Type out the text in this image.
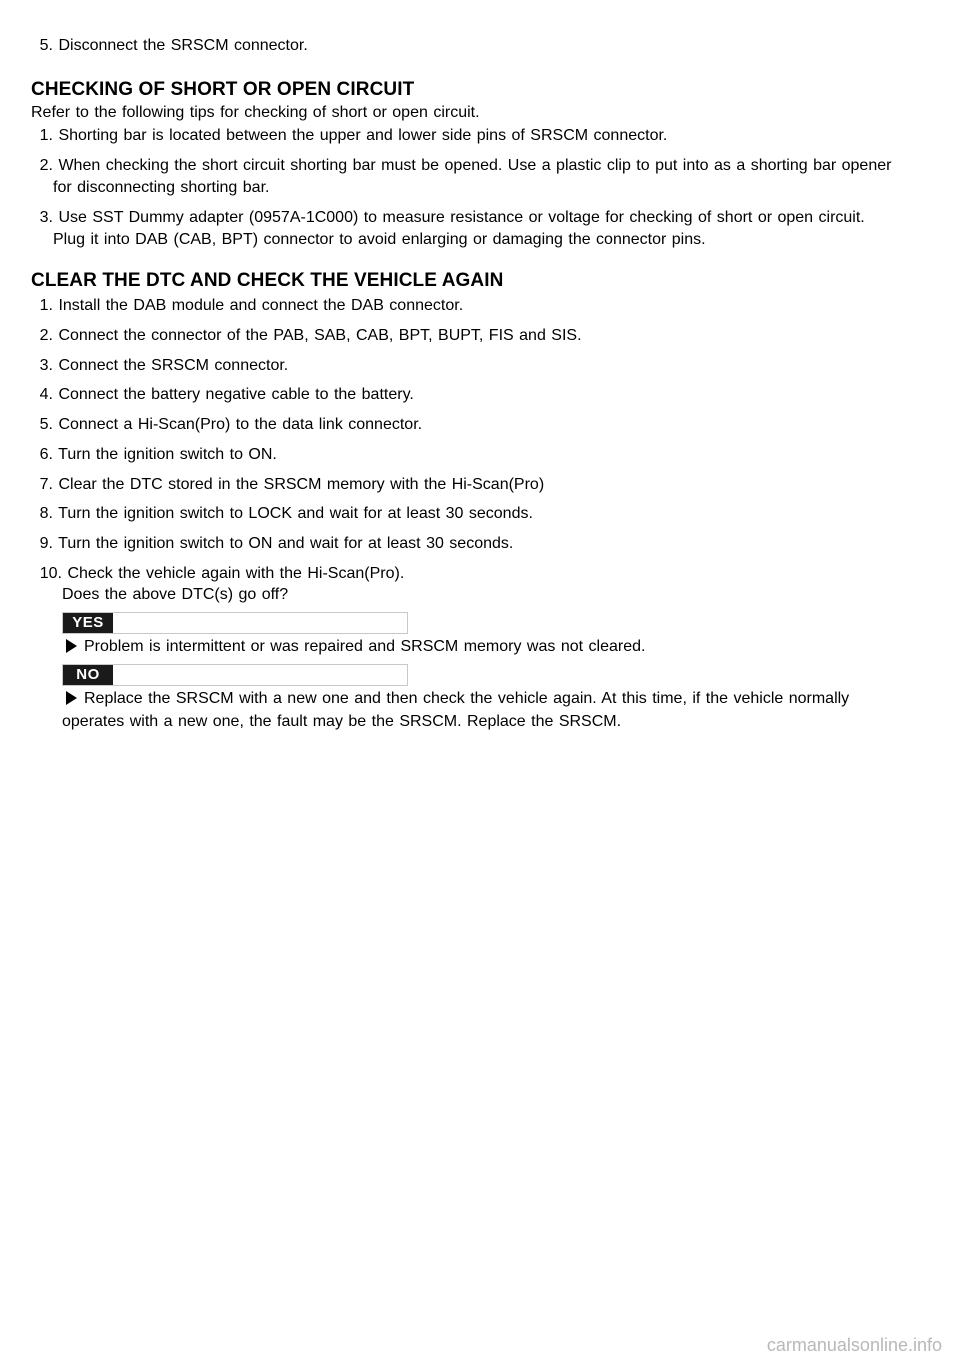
5. Disconnect the SRSCM connector.
CHECKING OF SHORT OR OPEN CIRCUIT
Refer to the following tips for checking of short or open circuit.
1. Shorting bar is located between the upper and lower side pins of SRSCM connector.
2. When checking the short circuit shorting bar must be opened. Use a plastic clip to put into as a shorting bar opener
for disconnecting shorting bar.
3. Use SST Dummy adapter (0957A-1C000) to measure resistance or voltage for checking of short or open circuit.
Plug it into DAB (CAB, BPT) connector to avoid enlarging or damaging the connector pins.
CLEAR THE DTC AND CHECK THE VEHICLE AGAIN
1. Install the DAB module and connect the DAB connector.
2. Connect the connector of the PAB, SAB, CAB, BPT, BUPT, FIS and SIS.
3. Connect the SRSCM connector.
4. Connect the battery negative cable to the battery.
5. Connect a Hi-Scan(Pro) to the data link connector.
6. Turn the ignition switch to ON.
7. Clear the DTC stored in the SRSCM memory with the Hi-Scan(Pro)
8. Turn the ignition switch to LOCK and wait for at least 30 seconds.
9. Turn the ignition switch to ON and wait for at least 30 seconds.
10. Check the vehicle again with the Hi-Scan(Pro).
Does the above DTC(s) go off?
YES
Problem is intermittent or was repaired and SRSCM memory was not cleared.
NO
Replace the SRSCM with a new one and then check the vehicle again. At this time, if the vehicle normally
operates with a new one, the fault may be the SRSCM. Replace the SRSCM.
carmanualsonline.info
